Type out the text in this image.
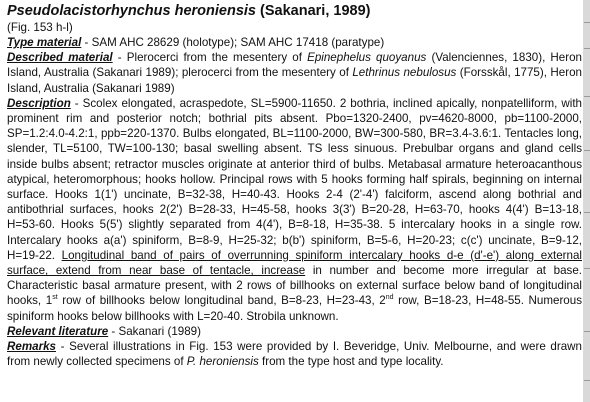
Pseudolacistorhynchus heroniensis (Sakanari, 1989)
(Fig. 153 h-l)
Type material - SAM AHC 28629 (holotype); SAM AHC 17418 (paratype)
Described material - Plerocerci from the mesentery of Epinephelus quoyanus (Valenciennes, 1830), Heron Island, Australia (Sakanari 1989); plerocerci from the mesentery of Lethrinus nebulosus (Forsskål, 1775), Heron Island, Australia (Sakanari 1989)
Description - Scolex elongated, acraspedote, SL=5900-11650. 2 bothria, inclined apically, nonpatelliform, with prominent rim and posterior notch; bothrial pits absent. Pbo=1320-2400, pv=4620-8000, pb=1100-2000, SP=1.2:4.0-4.2:1, ppb=220-1370. Bulbs elongated, BL=1100-2000, BW=300-580, BR=3.4-3.6:1. Tentacles long, slender, TL=5100, TW=100-130; basal swelling absent. TS less sinuous. Prebulbar organs and gland cells inside bulbs absent; retractor muscles originate at anterior third of bulbs. Metabasal armature heteroacanthous atypical, heteromorphous; hooks hollow. Principal rows with 5 hooks forming half spirals, beginning on internal surface. Hooks 1(1') uncinate, B=32-38, H=40-43. Hooks 2-4 (2'-4') falciform, ascend along bothrial and antibothrial surfaces, hooks 2(2') B=28-33, H=45-58, hooks 3(3') B=20-28, H=63-70, hooks 4(4') B=13-18, H=53-60. Hooks 5(5') slightly separated from 4(4'), B=8-18, H=35-38. 5 intercalary hooks in a single row. Intercalary hooks a(a') spiniform, B=8-9, H=25-32; b(b') spiniform, B=5-6, H=20-23; c(c') uncinate, B=9-12, H=19-22. Longitudinal band of pairs of overrunning spiniform intercalary hooks d-e (d'-e') along external surface, extend from near base of tentacle, increase in number and become more irregular at base. Characteristic basal armature present, with 2 rows of billhooks on external surface below band of longitudinal hooks, 1st row of billhooks below longitudinal band, B=8-23, H=23-43, 2nd row, B=18-23, H=48-55. Numerous spiniform hooks below billhooks with L=20-40. Strobila unknown.
Relevant literature - Sakanari (1989)
Remarks - Several illustrations in Fig. 153 were provided by I. Beveridge, Univ. Melbourne, and were drawn from newly collected specimens of P. heroniensis from the type host and type locality.
